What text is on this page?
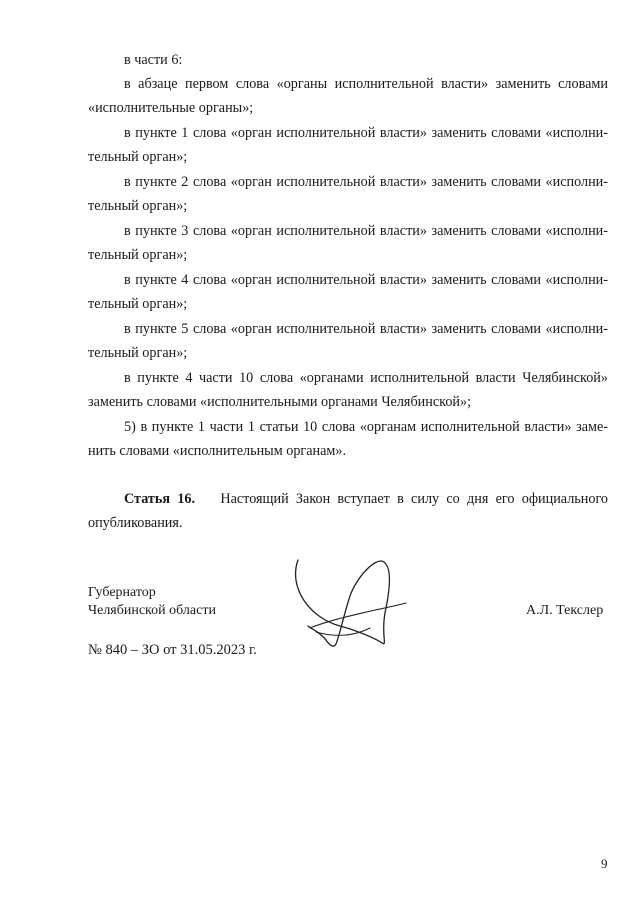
в части 6:
в абзаце первом слова «органы исполнительной власти» заменить словами «исполнительные органы»;
в пункте 1 слова «орган исполнительной власти» заменить словами «исполни-тельный орган»;
в пункте 2 слова «орган исполнительной власти» заменить словами «исполни-тельный орган»;
в пункте 3 слова «орган исполнительной власти» заменить словами «исполни-тельный орган»;
в пункте 4 слова «орган исполнительной власти» заменить словами «исполни-тельный орган»;
в пункте 5 слова «орган исполнительной власти» заменить словами «исполни-тельный орган»;
в пункте 4 части 10 слова «органами исполнительной власти Челябинской» заменить словами «исполнительными органами Челябинской»;
5) в пункте 1 части 1 статьи 10 слова «органам исполнительной власти» заме-нить словами «исполнительным органам».
Статья 16. Настоящий Закон вступает в силу со дня его официального опубликования.
Губернатор
Челябинской области	А.Л. Текслер
№ 840 – ЗО от 31.05.2023 г.
9
